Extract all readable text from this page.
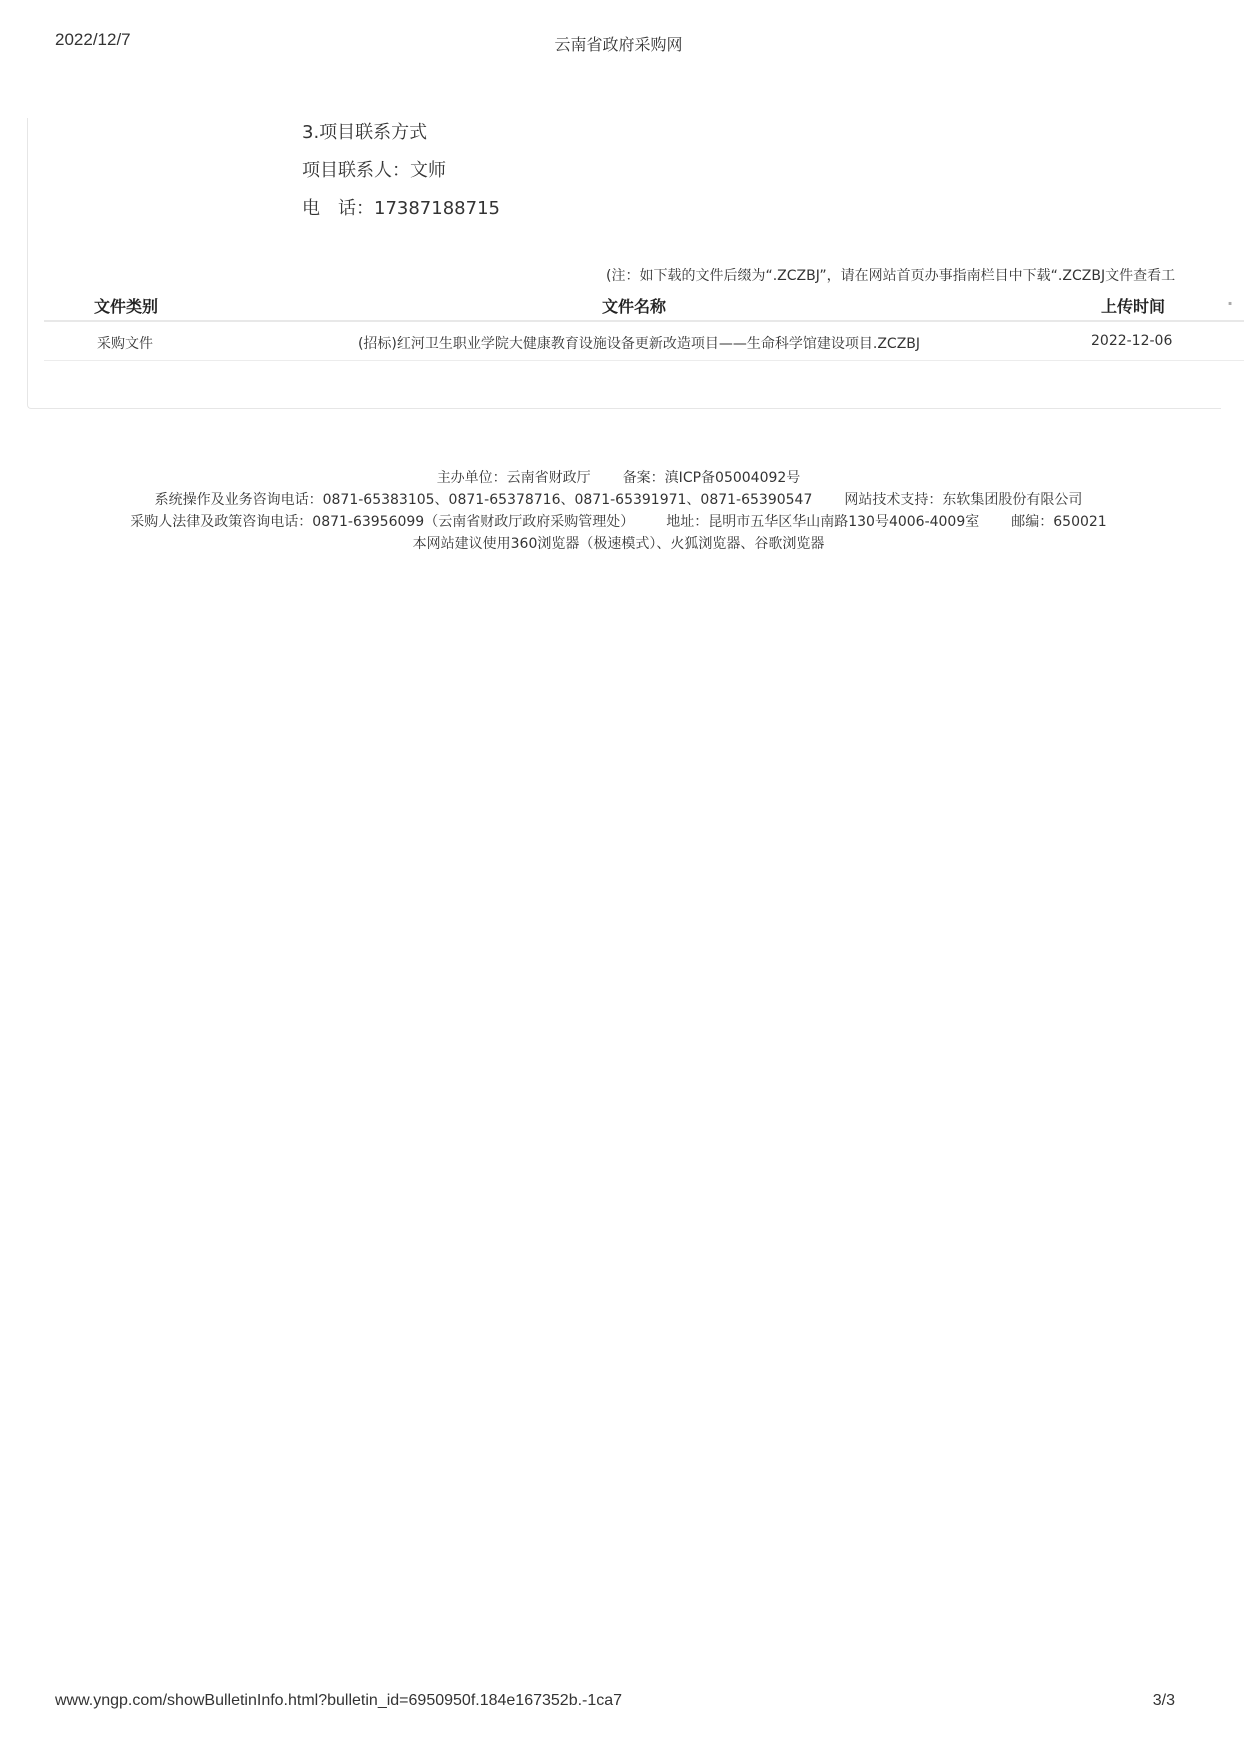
2022/12/7	云南省政府采购网
3.项目联系方式
项目联系人：文师
电 话：17387188715
(注：如下载的文件后缀为“.ZCZBJ”，请在网站首页办事指南栏目中下载“.ZCZBJ文件查看工
文件类别	文件名称	上传时间	·
采购文件	(招标)红河卫生职业学院大健康教育设施设备更新改造项目——生命科学馆建设项目.ZCZBJ	2022-12-06
主办单位：云南省财政厅 备案：滇ICP备05004092号
系统操作及业务咨询电话：0871-65383105、0871-65378716、0871-65391971、0871-65390547 网站技术支持：东软集团股份有限公司
采购人法律及政策咨询电话：0871-63956099（云南省财政厅政府采购管理处） 地址：昆明市五华区华山南路130号4006-4009室 邮编：650021
本网站建议使用360浏览器（极速模式）、火狐浏览器、谷歌浏览器
www.yngp.com/showBulletinInfo.html?bulletin_id=6950950f.184e167352b.-1ca7	3/3
